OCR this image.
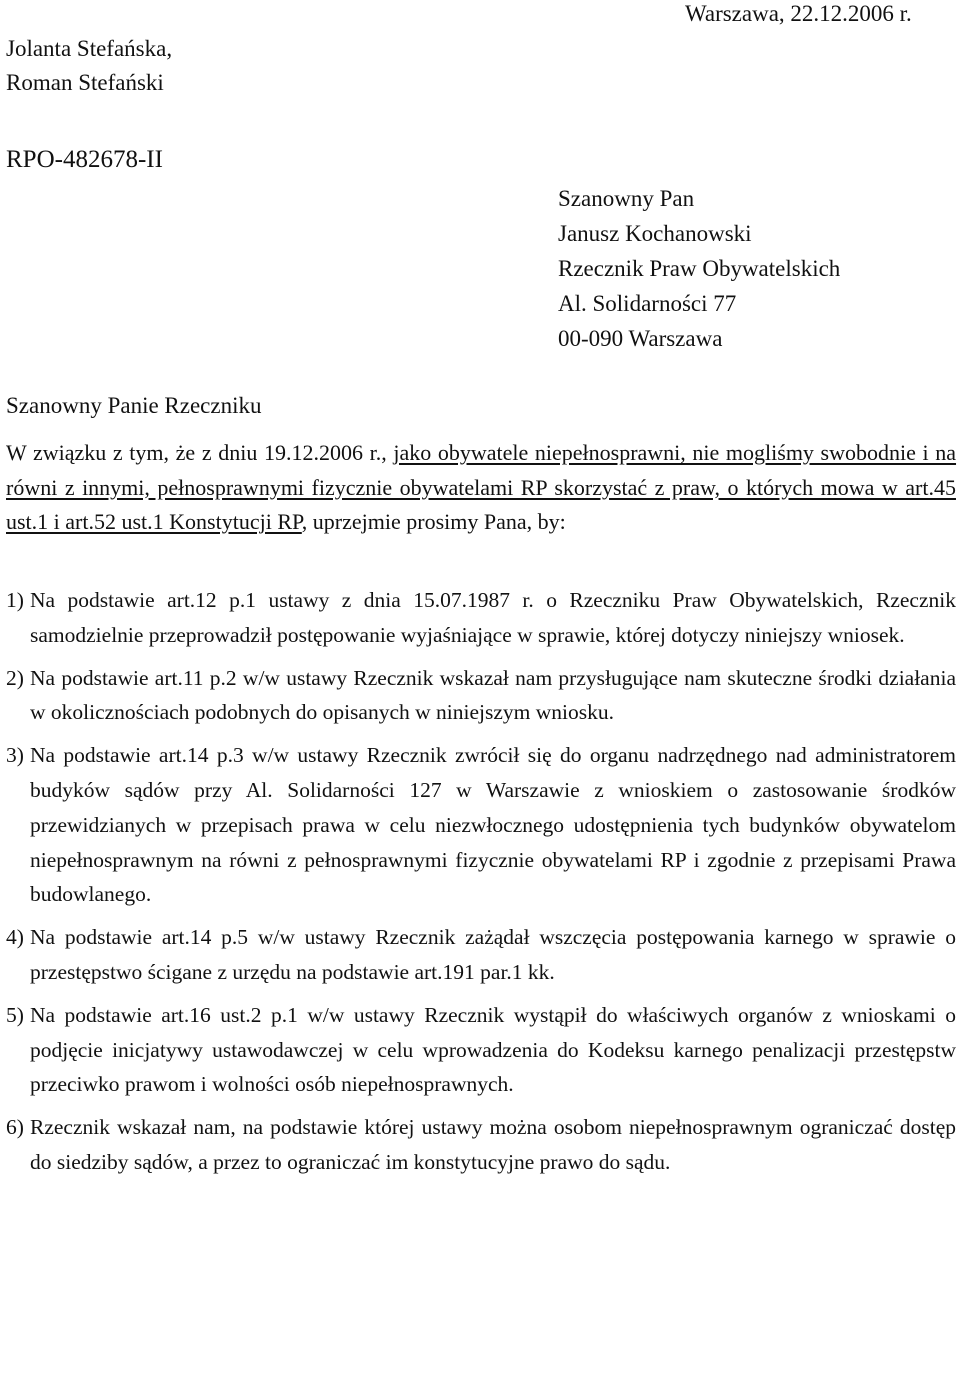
Warszawa, 22.12.2006 r.
Jolanta Stefańska,
Roman Stefański
RPO-482678-II
Szanowny Pan
Janusz Kochanowski
Rzecznik Praw Obywatelskich
Al. Solidarności 77
00-090 Warszawa
Szanowny Panie Rzeczniku

W związku z tym, że z dniu 19.12.2006 r., jako obywatele niepełnosprawni, nie mogliśmy swobodnie i na równi z innymi, pełnosprawnymi fizycznie obywatelami RP skorzystać z praw, o których mowa w art.45 ust.1 i art.52 ust.1 Konstytucji RP, uprzejmie prosimy Pana, by:

1) Na podstawie art.12 p.1 ustawy z dnia 15.07.1987 r. o Rzeczniku Praw Obywatelskich, Rzecznik samodzielnie przeprowadził postępowanie wyjaśniające w sprawie, której dotyczy niniejszy wniosek.
2) Na podstawie art.11 p.2 w/w ustawy Rzecznik wskazał nam przysługujące nam skuteczne środki działania w okolicznościach podobnych do opisanych w niniejszym wniosku.
3) Na podstawie art.14 p.3 w/w ustawy Rzecznik zwrócił się do organu nadrzędnego nad administratorem budyków sądów przy Al. Solidarności 127 w Warszawie z wnioskiem o zastosowanie środków przewidzianych w przepisach prawa w celu niezwłocznego udostępnienia tych budynków obywatelom niepełnosprawnym na równi z pełnosprawnymi fizycznie obywatelami RP i zgodnie z przepisami Prawa budowlanego.
4) Na podstawie art.14 p.5 w/w ustawy Rzecznik zażądał wszczęcia postępowania karnego w sprawie o przestępstwo ścigane z urzędu na podstawie art.191 par.1 kk.
5) Na podstawie art.16 ust.2 p.1 w/w ustawy Rzecznik wystąpił do właściwych organów z wnioskami o podjęcie inicjatywy ustawodawczej w celu wprowadzenia do Kodeksu karnego penalizacji przestępstw przeciwko prawom i wolności osób niepełnosprawnych.
6) Rzecznik wskazał nam, na podstawie której ustawy można osobom niepełnosprawnym ograniczać dostęp do siedziby sądów, a przez to ograniczać im konstytucyjne prawo do sądu.
